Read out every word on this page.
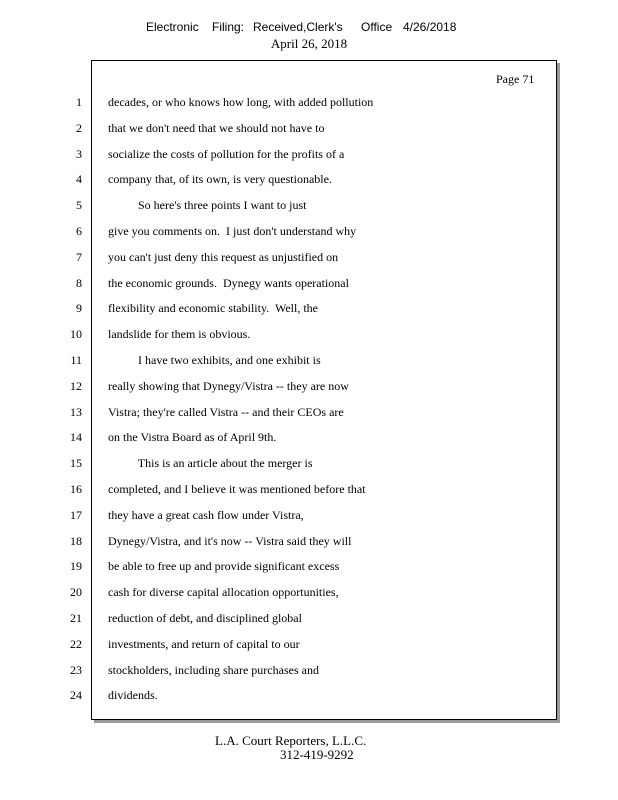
Electronic Filing: Received,Clerk's Office 4/26/2018
April 26, 2018
Page 71
1 decades, or who knows how long, with added pollution
2 that we don't need that we should not have to
3 socialize the costs of pollution for the profits of a
4 company that, of its own, is very questionable.
5 So here's three points I want to just
6 give you comments on.  I just don't understand why
7 you can't just deny this request as unjustified on
8 the economic grounds.  Dynegy wants operational
9 flexibility and economic stability.  Well, the
10 landslide for them is obvious.
11 I have two exhibits, and one exhibit is
12 really showing that Dynegy/Vistra -- they are now
13 Vistra; they're called Vistra -- and their CEOs are
14 on the Vistra Board as of April 9th.
15 This is an article about the merger is
16 completed, and I believe it was mentioned before that
17 they have a great cash flow under Vistra,
18 Dynegy/Vistra, and it's now -- Vistra said they will
19 be able to free up and provide significant excess
20 cash for diverse capital allocation opportunities,
21 reduction of debt, and disciplined global
22 investments, and return of capital to our
23 stockholders, including share purchases and
24 dividends.
L.A. Court Reporters, L.L.C.
312-419-9292
